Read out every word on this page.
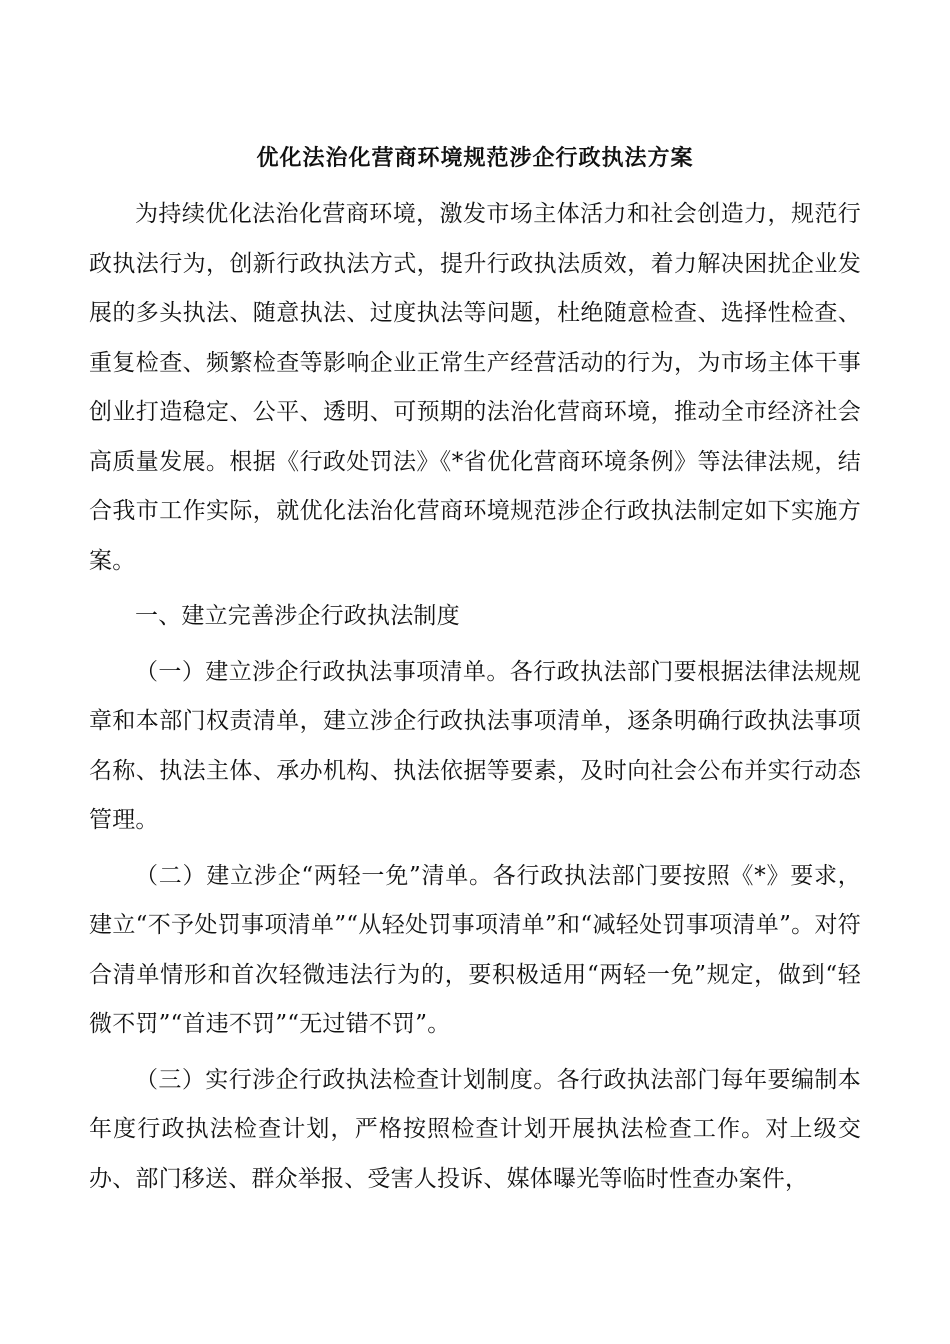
优化法治化营商环境规范涉企行政执法方案

为持续优化法治化营商环境，激发市场主体活力和社会创造力，规范行政执法行为，创新行政执法方式，提升行政执法质效，着力解决困扰企业发展的多头执法、随意执法、过度执法等问题，杜绝随意检查、选择性检查、重复检查、频繁检查等影响企业正常生产经营活动的行为，为市场主体干事创业打造稳定、公平、透明、可预期的法治化营商环境，推动全市经济社会高质量发展。根据《行政处罚法》《*省优化营商环境条例》等法律法规，结合我市工作实际，就优化法治化营商环境规范涉企行政执法制定如下实施方案。

一、建立完善涉企行政执法制度

（一）建立涉企行政执法事项清单。各行政执法部门要根据法律法规规章和本部门权责清单，建立涉企行政执法事项清单，逐条明确行政执法事项名称、执法主体、承办机构、执法依据等要素，及时向社会公布并实行动态管理。

（二）建立涉企“两轻一免”清单。各行政执法部门要按照《*》要求，建立“不予处罚事项清单”“从轻处罚事项清单”和“减轻处罚事项清单”。对符合清单情形和首次轻微违法行为的，要积极适用“两轻一免”规定，做到“轻微不罚”“首违不罚”“无过错不罚”。

（三）实行涉企行政执法检查计划制度。各行政执法部门每年要编制本年度行政执法检查计划，严格按照检查计划开展执法检查工作。对上级交办、部门移送、群众举报、受害人投诉、媒体曝光等临时性查办案件，
